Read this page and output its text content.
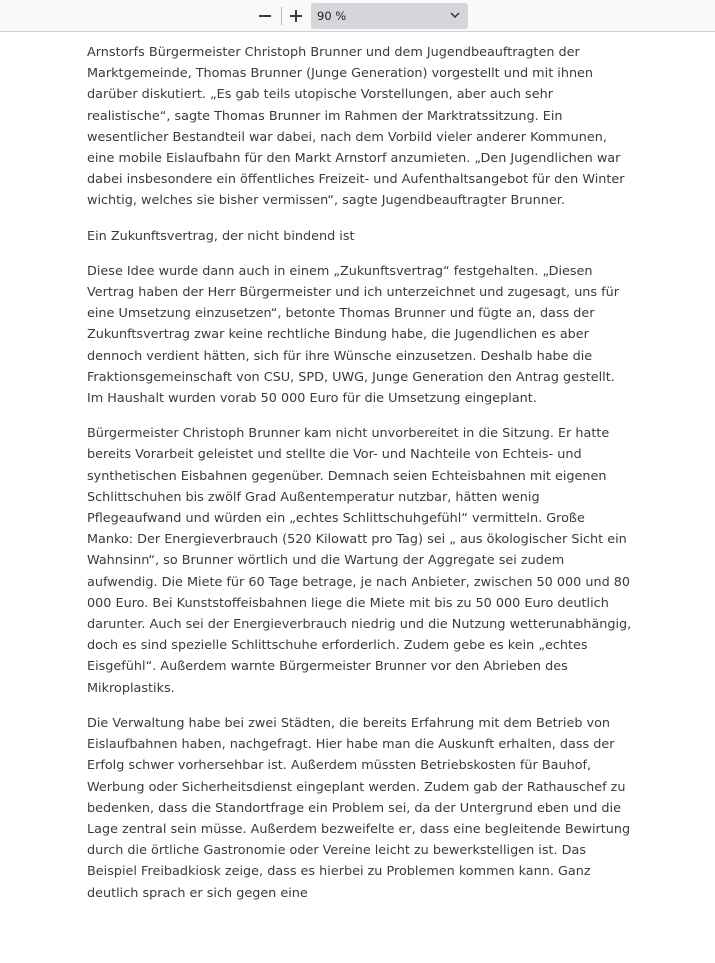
90 %

Arnstorfs Bürgermeister Christoph Brunner und dem Jugendbeauftragten der Marktgemeinde, Thomas Brunner (Junge Generation) vorgestellt und mit ihnen darüber diskutiert. „Es gab teils utopische Vorstellungen, aber auch sehr realistische“, sagte Thomas Brunner im Rahmen der Marktratssitzung. Ein wesentlicher Bestandteil war dabei, nach dem Vorbild vieler anderer Kommunen, eine mobile Eislaufbahn für den Markt Arnstorf anzumieten. „Den Jugendlichen war dabei insbesondere ein öffentliches Freizeit- und Aufenthaltsangebot für den Winter wichtig, welches sie bisher vermissen“, sagte Jugendbeauftragter Brunner.

Ein Zukunftsvertrag, der nicht bindend ist

Diese Idee wurde dann auch in einem „Zukunftsvertrag“ festgehalten. „Diesen Vertrag haben der Herr Bürgermeister und ich unterzeichnet und zugesagt, uns für eine Umsetzung einzusetzen“, betonte Thomas Brunner und fügte an, dass der Zukunftsvertrag zwar keine rechtliche Bindung habe, die Jugendlichen es aber dennoch verdient hätten, sich für ihre Wünsche einzusetzen. Deshalb habe die Fraktionsgemeinschaft von CSU, SPD, UWG, Junge Generation den Antrag gestellt. Im Haushalt wurden vorab 50 000 Euro für die Umsetzung eingeplant.

Bürgermeister Christoph Brunner kam nicht unvorbereitet in die Sitzung. Er hatte bereits Vorarbeit geleistet und stellte die Vor- und Nachteile von Echteis- und synthetischen Eisbahnen gegenüber. Demnach seien Echteisbahnen mit eigenen Schlittschuhen bis zwölf Grad Außentemperatur nutzbar, hätten wenig Pflegeaufwand und würden ein „echtes Schlittschuhgefühl“ vermitteln. Große Manko: Der Energieverbrauch (520 Kilowatt pro Tag) sei „ aus ökologischer Sicht ein Wahnsinn“, so Brunner wörtlich und die Wartung der Aggregate sei zudem aufwendig. Die Miete für 60 Tage betrage, je nach Anbieter, zwischen 50 000 und 80 000 Euro. Bei Kunststoffeisbahnen liege die Miete mit bis zu 50 000 Euro deutlich darunter. Auch sei der Energieverbrauch niedrig und die Nutzung wetterunabhängig, doch es sind spezielle Schlittschuhe erforderlich. Zudem gebe es kein „echtes Eisgefühl“. Außerdem warnte Bürgermeister Brunner vor den Abrieben des Mikroplastiks.

Die Verwaltung habe bei zwei Städten, die bereits Erfahrung mit dem Betrieb von Eislaufbahnen haben, nachgefragt. Hier habe man die Auskunft erhalten, dass der Erfolg schwer vorhersehbar ist. Außerdem müssten Betriebskosten für Bauhof, Werbung oder Sicherheitsdienst eingeplant werden. Zudem gab der Rathauschef zu bedenken, dass die Standortfrage ein Problem sei, da der Untergrund eben und die Lage zentral sein müsse. Außerdem bezweifelte er, dass eine begleitende Bewirtung durch die örtliche Gastronomie oder Vereine leicht zu bewerkstelligen ist. Das Beispiel Freibadkiosk zeige, dass es hierbei zu Problemen kommen kann. Ganz deutlich sprach er sich gegen eine
